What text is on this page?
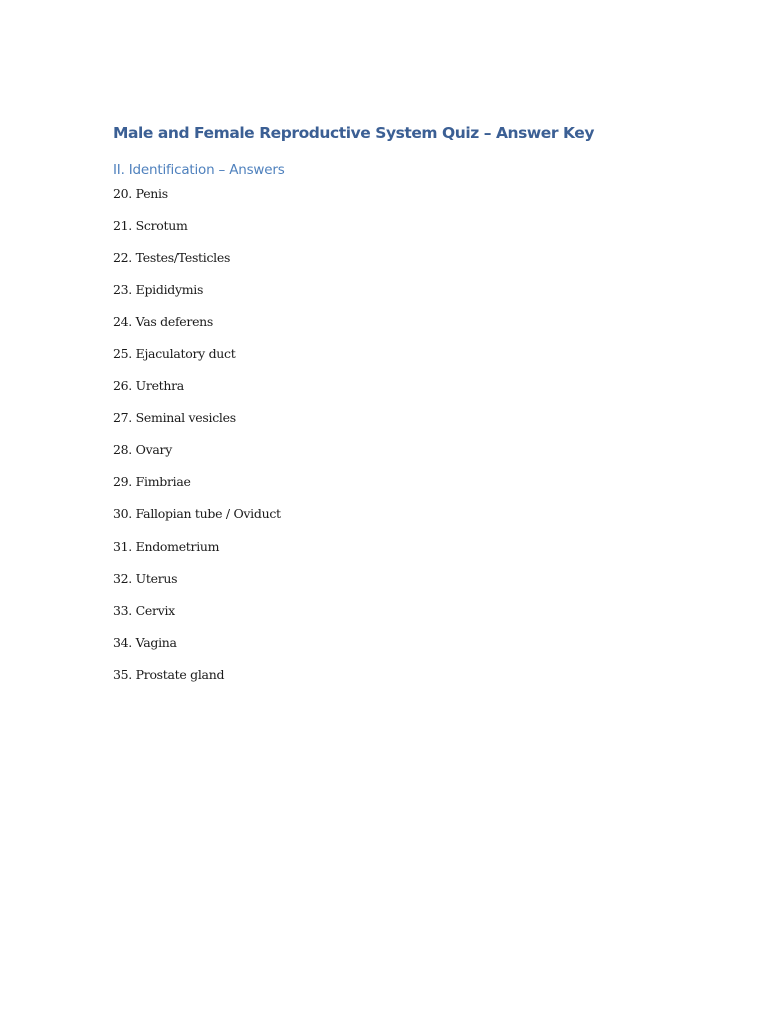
Male and Female Reproductive System Quiz – Answer Key
II. Identification – Answers
20. Penis
21. Scrotum
22. Testes/Testicles
23. Epididymis
24. Vas deferens
25. Ejaculatory duct
26. Urethra
27. Seminal vesicles
28. Ovary
29. Fimbriae
30. Fallopian tube / Oviduct
31. Endometrium
32. Uterus
33. Cervix
34. Vagina
35. Prostate gland
